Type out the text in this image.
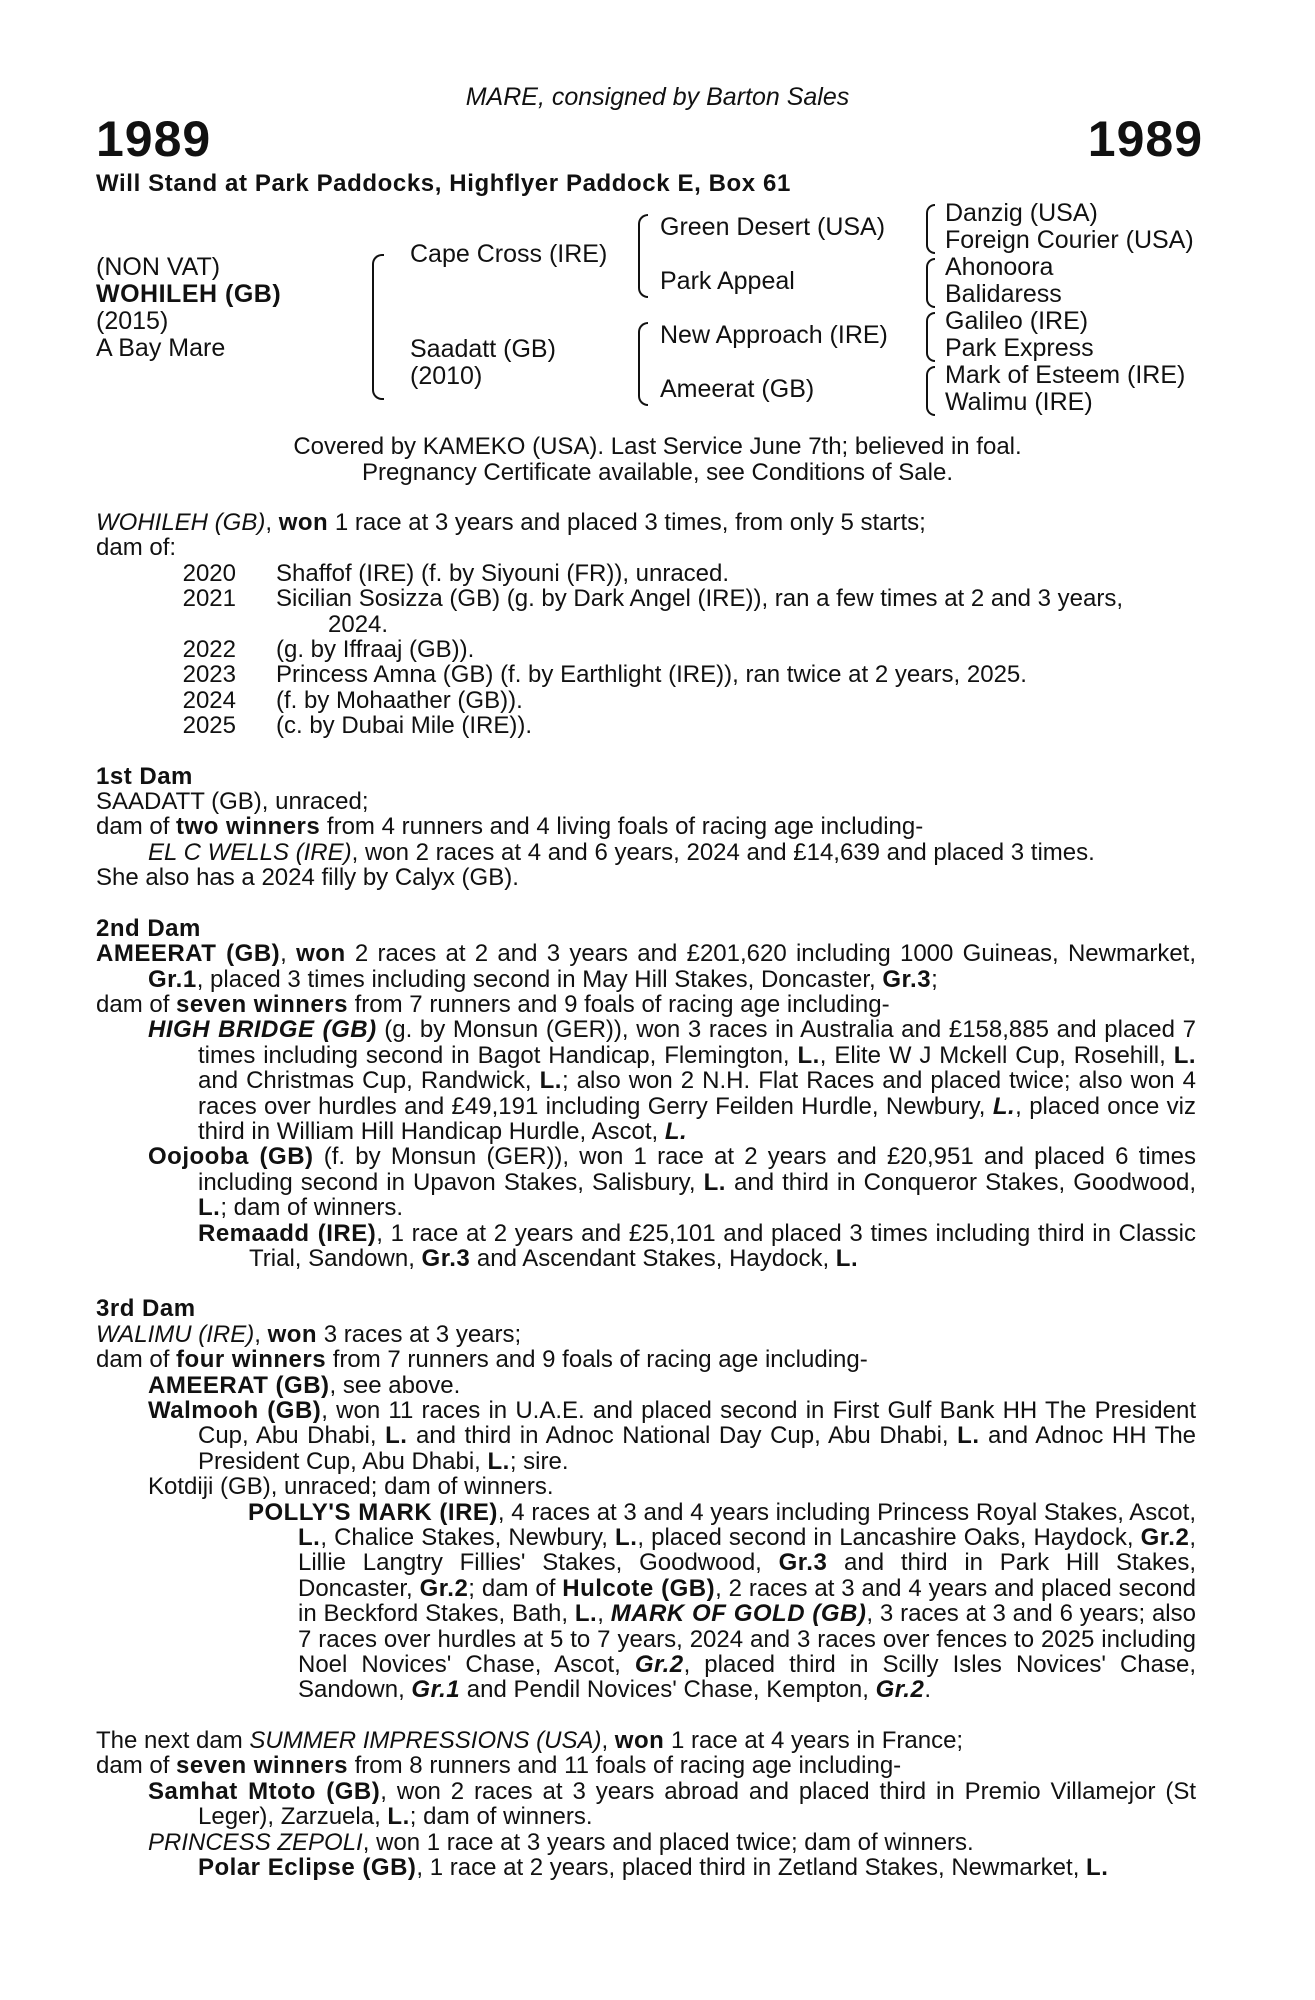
MARE, consigned by Barton Sales
1989	1989
Will Stand at Park Paddocks, Highflyer Paddock E, Box 61
(NON VAT)
WOHILEH (GB)
(2015)
A Bay Mare
Cape Cross (IRE)
Saadatt (GB)
(2010)
Green Desert (USA)
Park Appeal
New Approach (IRE)
Ameerat (GB)
Danzig (USA)
Foreign Courier (USA)
Ahonoora
Balidaress
Galileo (IRE)
Park Express
Mark of Esteem (IRE)
Walimu (IRE)
Covered by KAMEKO (USA). Last Service June 7th; believed in foal.
Pregnancy Certificate available, see Conditions of Sale.

WOHILEH (GB), won 1 race at 3 years and placed 3 times, from only 5 starts;

dam of:

2020	Shaffof (IRE) (f. by Siyouni (FR)), unraced.
2021	Sicilian Sosizza (GB) (g. by Dark Angel (IRE)), ran a few times at 2 and 3 years,
2024.
2022	(g. by Iffraaj (GB)).
2023	Princess Amna (GB) (f. by Earthlight (IRE)), ran twice at 2 years, 2025.
2024	(f. by Mohaather (GB)).
2025	(c. by Dubai Mile (IRE)).

1st Dam

SAADATT (GB), unraced;

dam of two winners from 4 runners and 4 living foals of racing age including-

EL C WELLS (IRE), won 2 races at 4 and 6 years, 2024 and £14,639 and placed 3 times.

She also has a 2024 filly by Calyx (GB).

2nd Dam

AMEERAT (GB), won 2 races at 2 and 3 years and £201,620 including 1000 Guineas, Newmarket, Gr.1, placed 3 times including second in May Hill Stakes, Doncaster, Gr.3;

dam of seven winners from 7 runners and 9 foals of racing age including-

HIGH BRIDGE (GB) (g. by Monsun (GER)), won 3 races in Australia and £158,885 and placed 7 times including second in Bagot Handicap, Flemington, L., Elite W J Mckell Cup, Rosehill, L. and Christmas Cup, Randwick, L.; also won 2 N.H. Flat Races and placed twice; also won 4 races over hurdles and £49,191 including Gerry Feilden Hurdle, Newbury, L., placed once viz third in William Hill Handicap Hurdle, Ascot, L.

Oojooba (GB) (f. by Monsun (GER)), won 1 race at 2 years and £20,951 and placed 6 times including second in Upavon Stakes, Salisbury, L. and third in Conqueror Stakes, Goodwood, L.; dam of winners.

Remaadd (IRE), 1 race at 2 years and £25,101 and placed 3 times including third in Classic Trial, Sandown, Gr.3 and Ascendant Stakes, Haydock, L.

3rd Dam

WALIMU (IRE), won 3 races at 3 years;

dam of four winners from 7 runners and 9 foals of racing age including-

AMEERAT (GB), see above.

Walmooh (GB), won 11 races in U.A.E. and placed second in First Gulf Bank HH The President Cup, Abu Dhabi, L. and third in Adnoc National Day Cup, Abu Dhabi, L. and Adnoc HH The President Cup, Abu Dhabi, L.; sire.

Kotdiji (GB), unraced; dam of winners.

POLLY'S MARK (IRE), 4 races at 3 and 4 years including Princess Royal Stakes, Ascot, L., Chalice Stakes, Newbury, L., placed second in Lancashire Oaks, Haydock, Gr.2, Lillie Langtry Fillies' Stakes, Goodwood, Gr.3 and third in Park Hill Stakes, Doncaster, Gr.2; dam of Hulcote (GB), 2 races at 3 and 4 years and placed second in Beckford Stakes, Bath, L., MARK OF GOLD (GB), 3 races at 3 and 6 years; also 7 races over hurdles at 5 to 7 years, 2024 and 3 races over fences to 2025 including Noel Novices' Chase, Ascot, Gr.2, placed third in Scilly Isles Novices' Chase, Sandown, Gr.1 and Pendil Novices' Chase, Kempton, Gr.2.

The next dam SUMMER IMPRESSIONS (USA), won 1 race at 4 years in France;

dam of seven winners from 8 runners and 11 foals of racing age including-

Samhat Mtoto (GB), won 2 races at 3 years abroad and placed third in Premio Villamejor (St Leger), Zarzuela, L.; dam of winners.

PRINCESS ZEPOLI, won 1 race at 3 years and placed twice; dam of winners.

Polar Eclipse (GB), 1 race at 2 years, placed third in Zetland Stakes, Newmarket, L.
